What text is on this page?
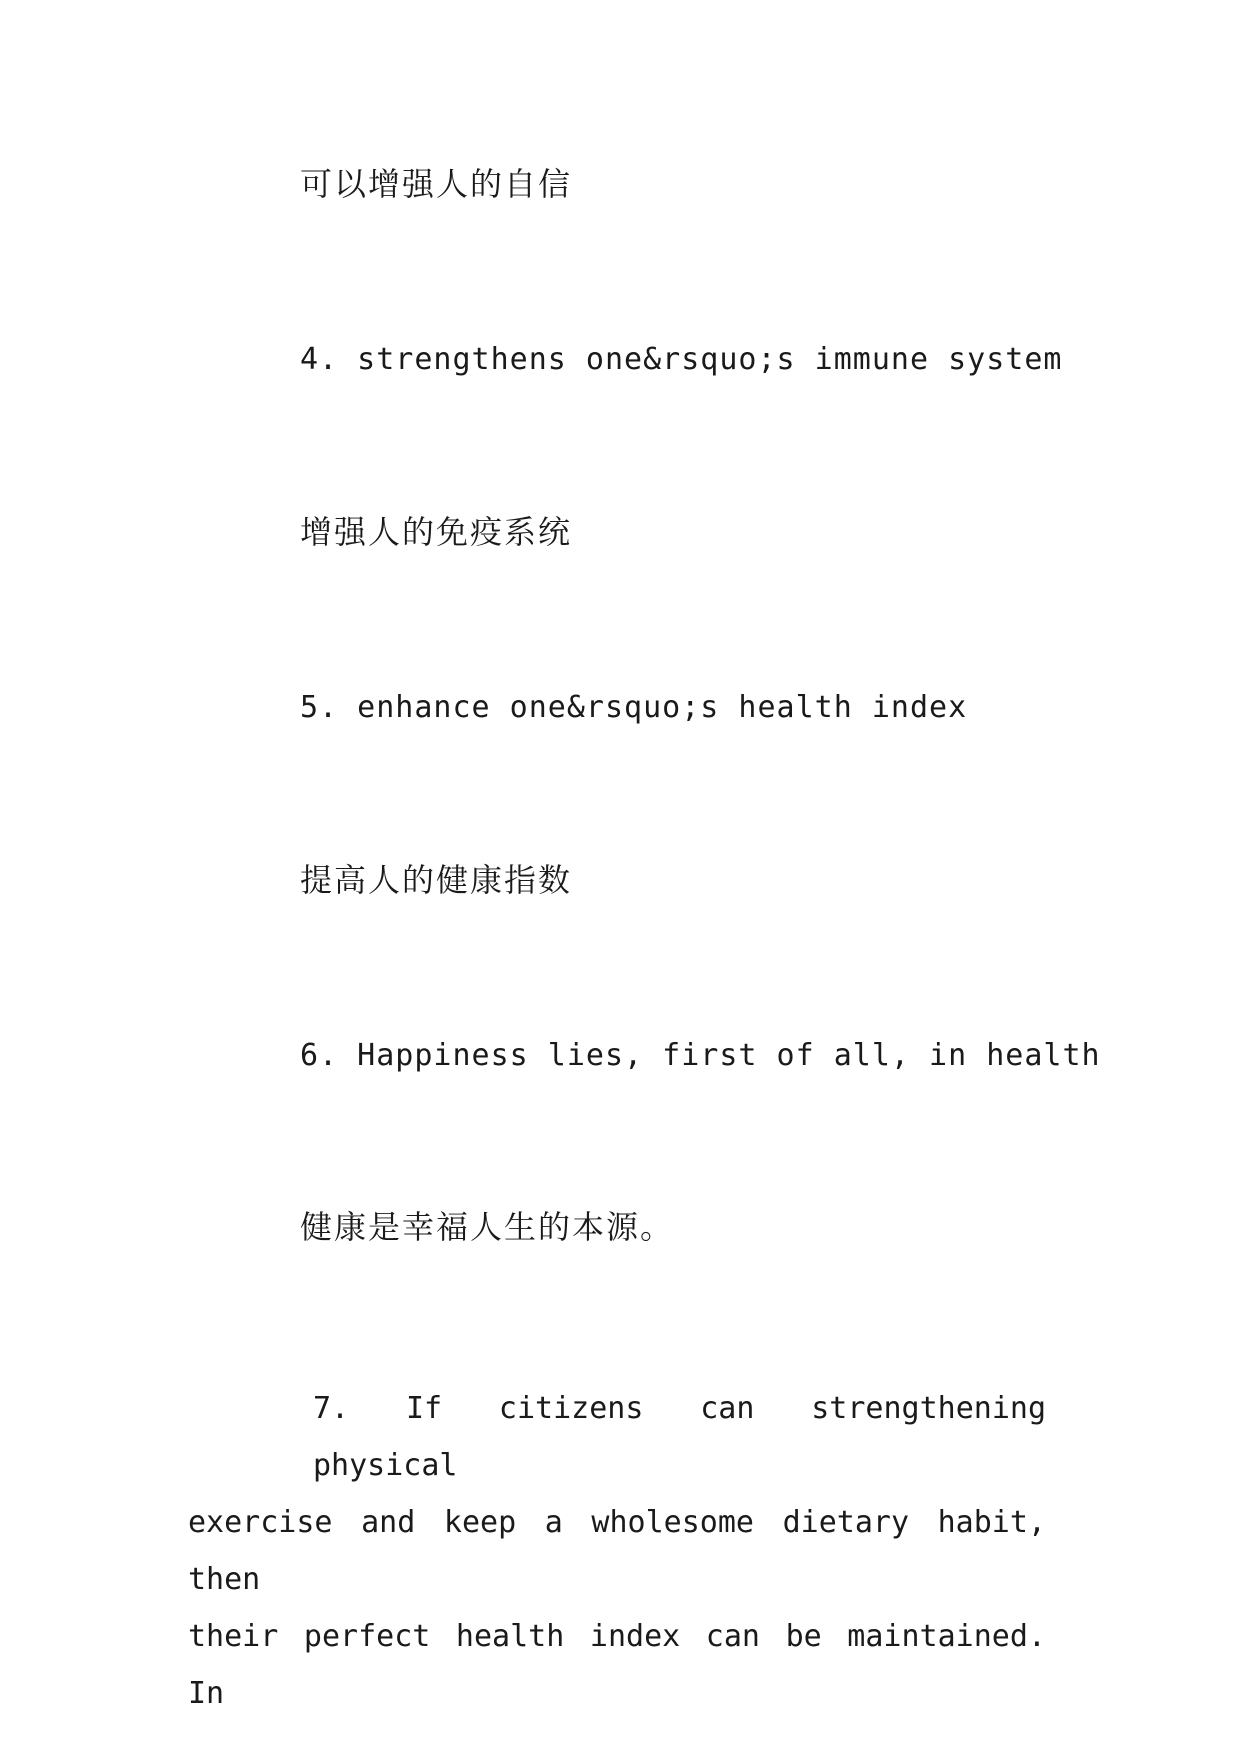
可以增强人的自信
4. strengthens one&rsquo;s immune system
增强人的免疫系统
5. enhance one&rsquo;s health index
提高人的健康指数
6. Happiness lies, first of all, in health
健康是幸福人生的本源。
7. If citizens can strengthening physical
exercise and keep a wholesome dietary habit, then
their perfect health index can be maintained. In
